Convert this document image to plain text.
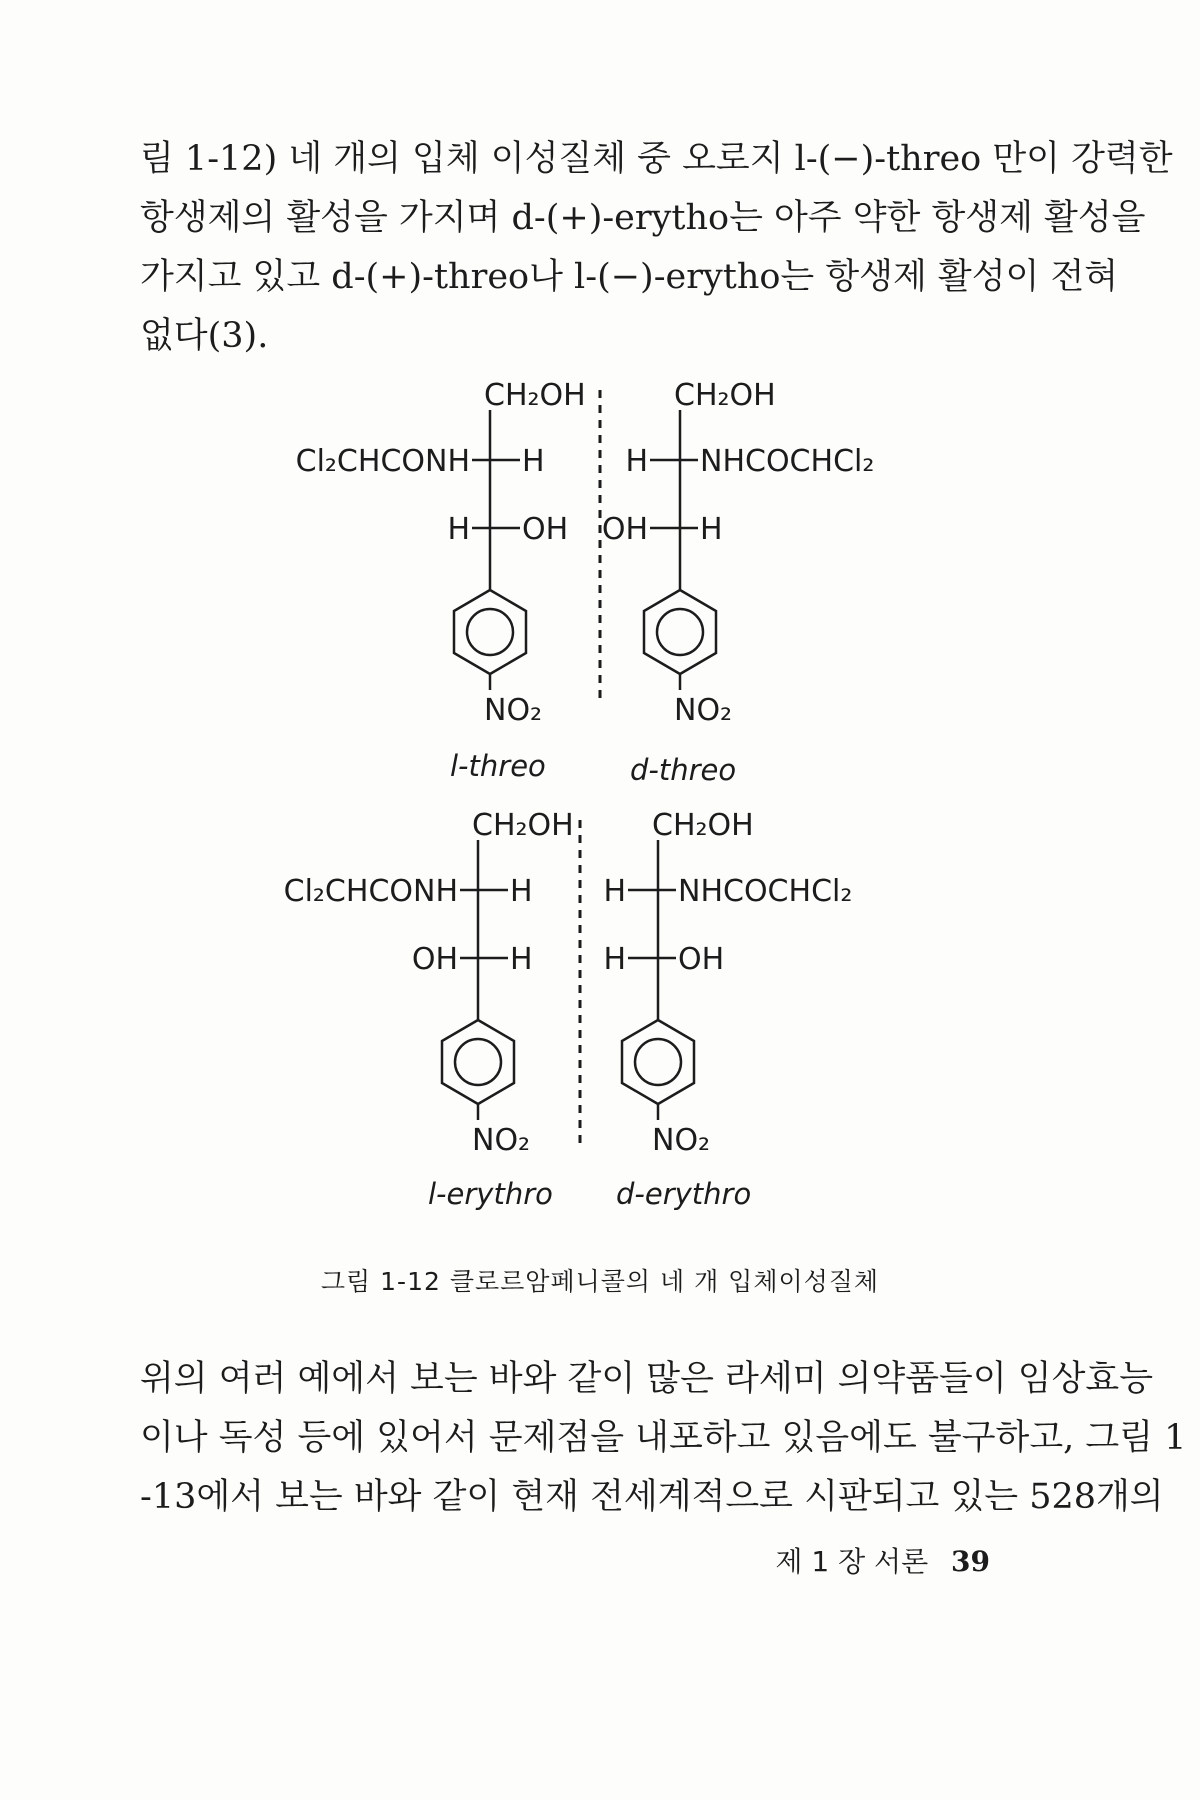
림 1-12) 네 개의 입체 이성질체 중 오로지 l-(−)-threo 만이 강력한
항생제의 활성을 가지며 d-(+)-erytho는 아주 약한 항생제 활성을
가지고 있고 d-(+)-threo나 l-(−)-erytho는 항생제 활성이 전혀
없다(3).
CH₂OH
Cl₂CHCONH H
H OH
NO₂
l-threo
CH₂OH
H NHCOCHCl₂
OH H
NO₂
d-threo
CH₂OH
Cl₂CHCONH H
OH H
NO₂
l-erythro
CH₂OH
H NHCOCHCl₂
H OH
NO₂
d-erythro
그림 1-12 클로르암페니콜의 네 개 입체이성질체
위의 여러 예에서 보는 바와 같이 많은 라세미 의약품들이 임상효능
이나 독성 등에 있어서 문제점을 내포하고 있음에도 불구하고, 그림 1
-13에서 보는 바와 같이 현재 전세계적으로 시판되고 있는 528개의
제 1 장 서론 39
